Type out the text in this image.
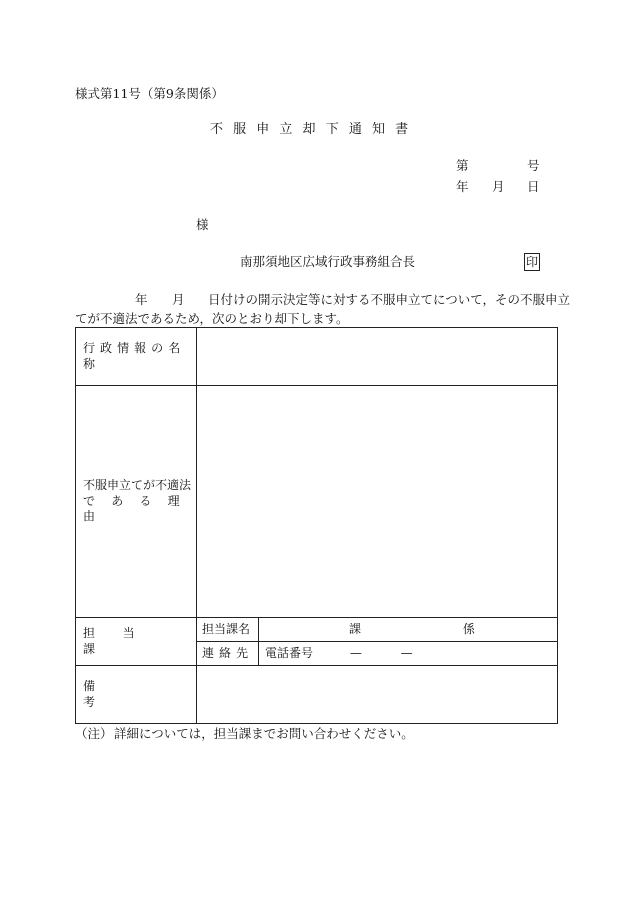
様式第11号（第9条関係）
不服申立却下通知書
第	号
年 月 日
様
南那須地区広域行政事務組合長	印
年 月 日付けの開示決定等に対する不服申立てについて，その不服申立
てが不適法であるため，次のとおり却下します。
行政情報の名称		

不服申立てが不適法
である理由		

担当課	担当課名	課 係
	連絡先	電話番号 — —
備考		
（注） 詳細については，担当課までお問い合わせください。
